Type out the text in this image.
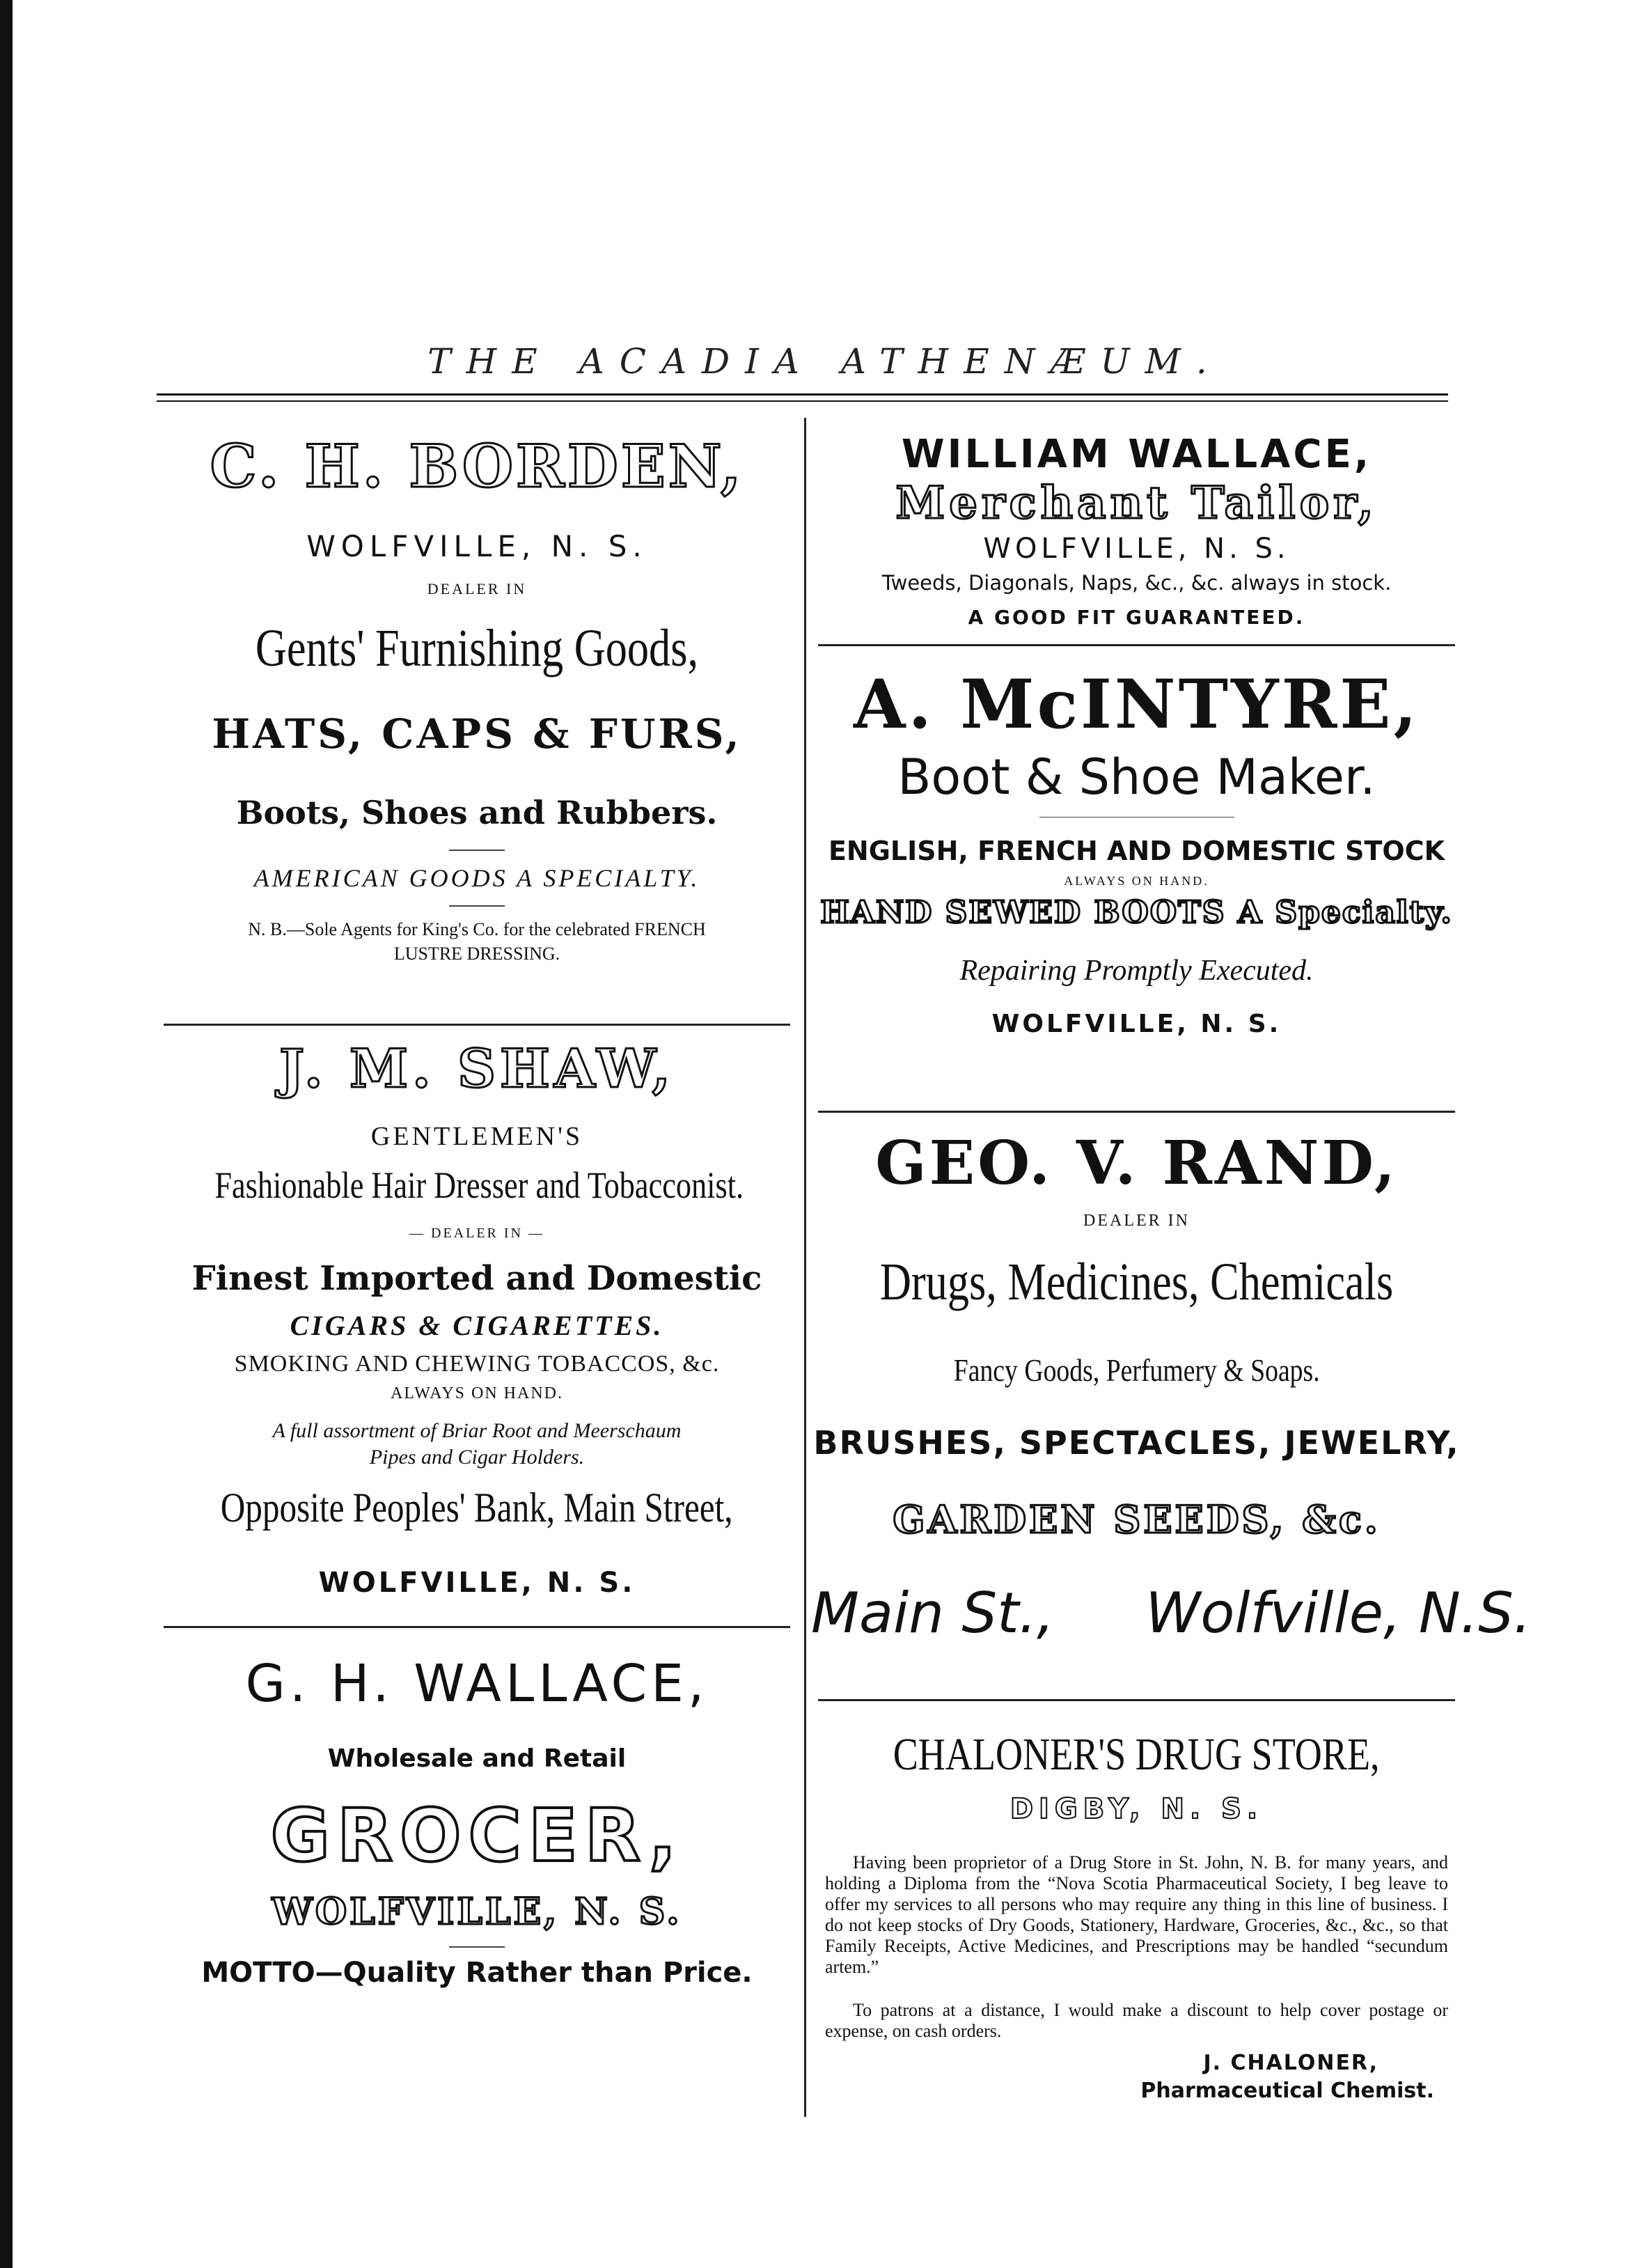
THE ACADIA ATHENÆUM.
C. H. BORDEN,
WOLFVILLE, N. S.
DEALER IN
Gents' Furnishing Goods,
HATS, CAPS & FURS,
Boots, Shoes and Rubbers.
AMERICAN GOODS A SPECIALTY.
N. B.—Sole Agents for King's Co. for the celebrated FRENCH
LUSTRE DRESSING.
J. M. SHAW,
GENTLEMEN'S
Fashionable Hair Dresser and Tobacconist.
— DEALER IN —
Finest Imported and Domestic
CIGARS & CIGARETTES.
SMOKING AND CHEWING TOBACCOS, &c.
ALWAYS ON HAND.
A full assortment of Briar Root and Meerschaum
Pipes and Cigar Holders.
Opposite Peoples' Bank, Main Street,
WOLFVILLE, N. S.
G. H. WALLACE,
Wholesale and Retail
GROCER,
WOLFVILLE, N. S.
MOTTO—Quality Rather than Price.
WILLIAM WALLACE,
Merchant Tailor,
WOLFVILLE, N. S.
Tweeds, Diagonals, Naps, &c., &c. always in stock.
A GOOD FIT GUARANTEED.
A. McINTYRE,
Boot & Shoe Maker.
ENGLISH, FRENCH AND DOMESTIC STOCK
ALWAYS ON HAND.
HAND SEWED BOOTS A Specialty.
Repairing Promptly Executed.
WOLFVILLE, N. S.
GEO. V. RAND,
DEALER IN
Drugs, Medicines, Chemicals
Fancy Goods, Perfumery & Soaps.
BRUSHES, SPECTACLES, JEWELRY,
GARDEN SEEDS, &c.
Main St., Wolfville, N.S.
CHALONER'S DRUG STORE,
DIGBY, N. S.
Having been proprietor of a Drug Store in St. John, N. B. for many years, and holding a Diploma from the “Nova Scotia Pharmaceutical Society, I beg leave to offer my services to all persons who may require any thing in this line of business. I do not keep stocks of Dry Goods, Stationery, Hardware, Groceries, &c., &c., so that Family Receipts, Active Medicines, and Prescriptions may be handled “secundum artem.”
To patrons at a distance, I would make a discount to help cover postage or expense, on cash orders.
J. CHALONER,
Pharmaceutical Chemist.
